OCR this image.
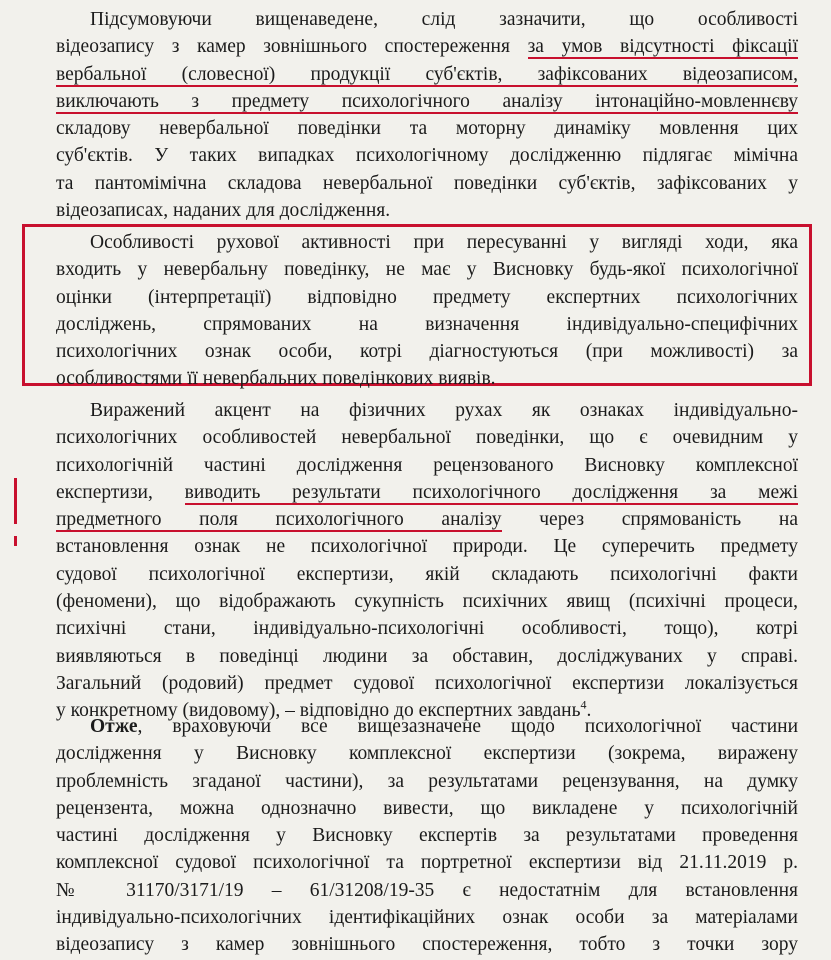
Підсумовуючи вищенаведене, слід зазначити, що особливості
відеозапису з камер зовнішнього спостереження за умов відсутності фіксації
вербальної (словесної) продукції суб'єктів, зафіксованих відеозаписом,
виключають з предмету психологічного аналізу інтонаційно-мовленнєву
складову невербальної поведінки та моторну динаміку мовлення цих
суб'єктів. У таких випадках психологічному дослідженню підлягає мімічна
та пантомімічна складова невербальної поведінки суб'єктів, зафіксованих у
відеозаписах, наданих для дослідження.
Особливості рухової активності при пересуванні у вигляді ходи, яка
входить у невербальну поведінку, не має у Висновку будь-якої психологічної
оцінки (інтерпретації) відповідно предмету експертних психологічних
досліджень, спрямованих на визначення індивідуально-специфічних
психологічних ознак особи, котрі діагностуються (при можливості) за
особливостями її невербальних поведінкових виявів.
Виражений акцент на фізичних рухах як ознаках індивідуально-
психологічних особливостей невербальної поведінки, що є очевидним у
психологічній частині дослідження рецензованого Висновку комплексної
експертизи, виводить результати психологічного дослідження за межі
предметного поля психологічного аналізу через спрямованість на
встановлення ознак не психологічної природи. Це суперечить предмету
судової психологічної експертизи, якій складають психологічні факти
(феномени), що відображають сукупність психічних явищ (психічні процеси,
психічні стани, індивідуально-психологічні особливості, тощо), котрі
виявляються в поведінці людини за обставин, досліджуваних у справі.
Загальний (родовий) предмет судової психологічної експертизи локалізується
у конкретному (видовому), – відповідно до експертних завдань$^4$.
Отже, враховуючи все вищезазначене щодо психологічної частини
дослідження у Висновку комплексної експертизи (зокрема, виражену
проблемність згаданої частини), за результатами рецензування, на думку
рецензента, можна однозначно вивести, що викладене у психологічній
частині дослідження у Висновку експертів за результатами проведення
комплексної судової психологічної та портретної експертизи від 21.11.2019 р.
№ 31170/3171/19 – 61/31208/19-35 є недостатнім для встановлення
індивідуально-психологічних ідентифікаційних ознак особи за матеріалами
відеозапису з камер зовнішнього спостереження, тобто з точки зору
